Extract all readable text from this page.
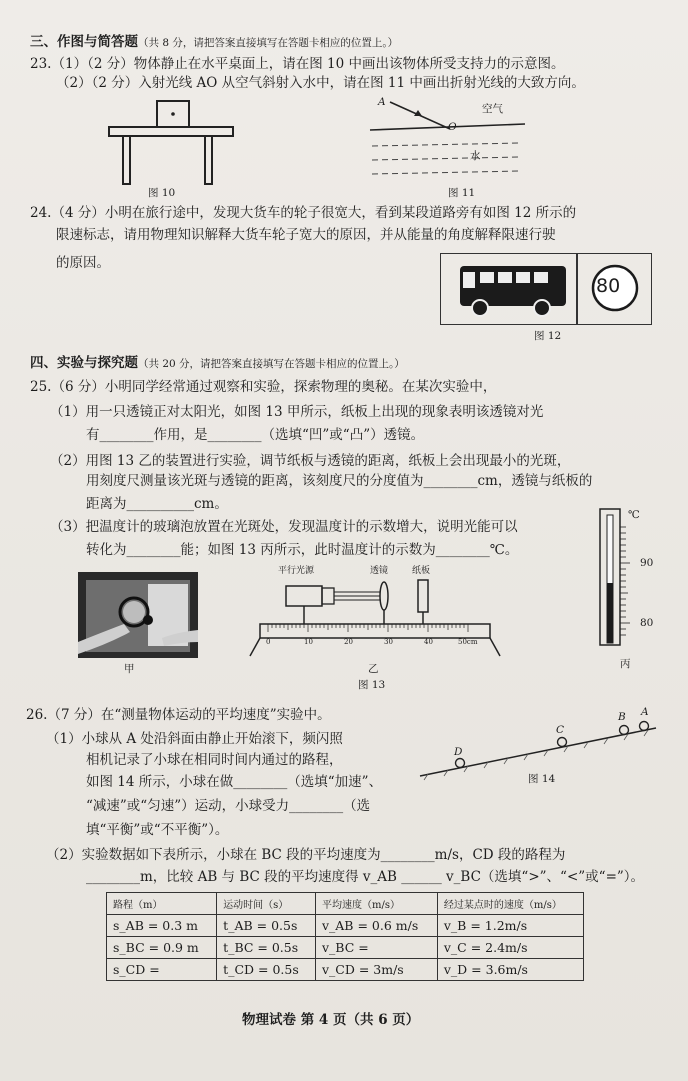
三、作图与简答题（共 8 分，请把答案直接填写在答题卡相应的位置上。）
23.（1）（2 分）物体静止在水平桌面上，请在图 10 中画出该物体所受支持力的示意图。
（2）（2 分）入射光线 AO 从空气斜射入水中，请在图 11 中画出折射光线的大致方向。
图 10
A
O
空气
水
图 11
24.（4 分）小明在旅行途中，发现大货车的轮子很宽大，看到某段道路旁有如图 12 所示的
限速标志，请用物理知识解释大货车轮子宽大的原因，并从能量的角度解释限速行驶
的原因。
80
图 12
四、实验与探究题（共 20 分，请把答案直接填写在答题卡相应的位置上。）
25.（6 分）小明同学经常通过观察和实验，探索物理的奥秘。在某次实验中，
（1）用一只透镜正对太阳光，如图 13 甲所示，纸板上出现的现象表明该透镜对光
有________作用，是________（选填“凹”或“凸”）透镜。
（2）用图 13 乙的装置进行实验，调节纸板与透镜的距离，纸板上会出现最小的光斑，
用刻度尺测量该光斑与透镜的距离，该刻度尺的分度值为________cm，透镜与纸板的
距离为__________cm。
（3）把温度计的玻璃泡放置在光斑处，发现温度计的示数增大，说明光能可以
转化为________能；如图 13 丙所示，此时温度计的示数为________℃。
甲
平行光源	透镜	纸板
0	10	20	30	40	50cm
乙
图 13
℃
90
80
丙
26.（7 分）在“测量物体运动的平均速度”实验中。
（1）小球从 A 处沿斜面由静止开始滚下，频闪照
相机记录了小球在相同时间内通过的路程，
如图 14 所示，小球在做________（选填“加速”、
“减速”或“匀速”）运动，小球受力________（选
填“平衡”或“不平衡”）。
（2）实验数据如下表所示，小球在 BC 段的平均速度为________m/s，CD 段的路程为
________m，比较 AB 与 BC 段的平均速度得 v_AB ______ v_BC（选填“>”、“<”或“=”）。
A
B
C
D
图 14
路程（m）	运动时间（s）	平均速度（m/s）	经过某点时的速度（m/s）
s_AB = 0.3 m	t_AB = 0.5s	v_AB = 0.6 m/s	v_B = 1.2m/s
s_BC = 0.9 m	t_BC = 0.5s	v_BC =	v_C = 2.4m/s
s_CD =	t_CD = 0.5s	v_CD = 3m/s	v_D = 3.6m/s
物理试卷 第 4 页（共 6 页）
